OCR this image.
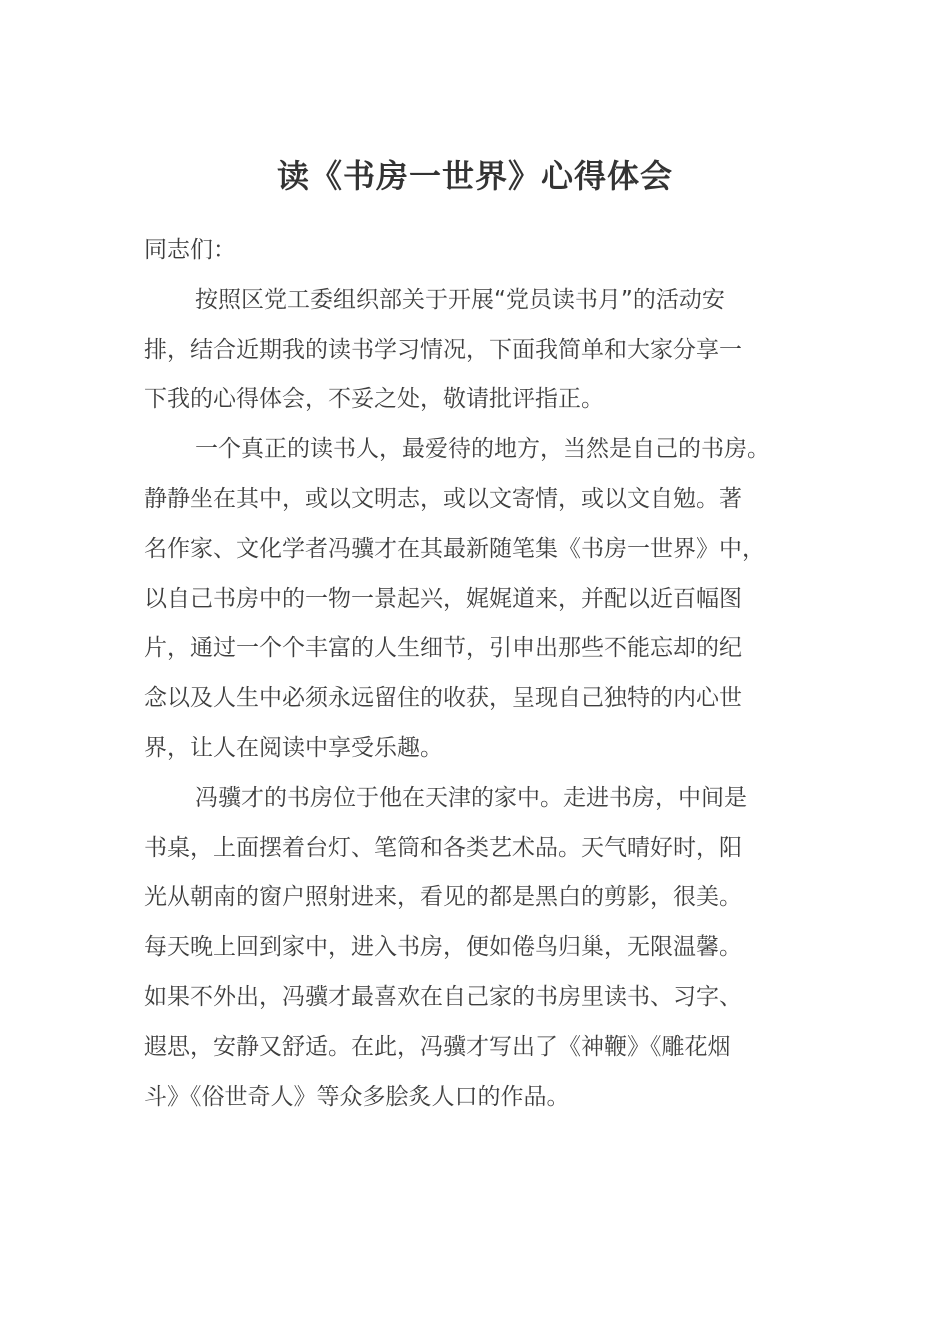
读《书房一世界》心得体会
同志们：
按照区党工委组织部关于开展“党员读书月”的活动安
排，结合近期我的读书学习情况，下面我简单和大家分享一
下我的心得体会，不妥之处，敬请批评指正。
一个真正的读书人，最爱待的地方，当然是自己的书房。
静静坐在其中，或以文明志，或以文寄情，或以文自勉。著
名作家、文化学者冯骥才在其最新随笔集《书房一世界》中，
以自己书房中的一物一景起兴，娓娓道来，并配以近百幅图
片，通过一个个丰富的人生细节，引申出那些不能忘却的纪
念以及人生中必须永远留住的收获，呈现自己独特的内心世
界，让人在阅读中享受乐趣。
冯骥才的书房位于他在天津的家中。走进书房，中间是
书桌，上面摆着台灯、笔筒和各类艺术品。天气晴好时，阳
光从朝南的窗户照射进来，看见的都是黑白的剪影，很美。
每天晚上回到家中，进入书房，便如倦鸟归巢，无限温馨。
如果不外出，冯骥才最喜欢在自己家的书房里读书、习字、
遐思，安静又舒适。在此，冯骥才写出了《神鞭》《雕花烟
斗》《俗世奇人》等众多脍炙人口的作品。
